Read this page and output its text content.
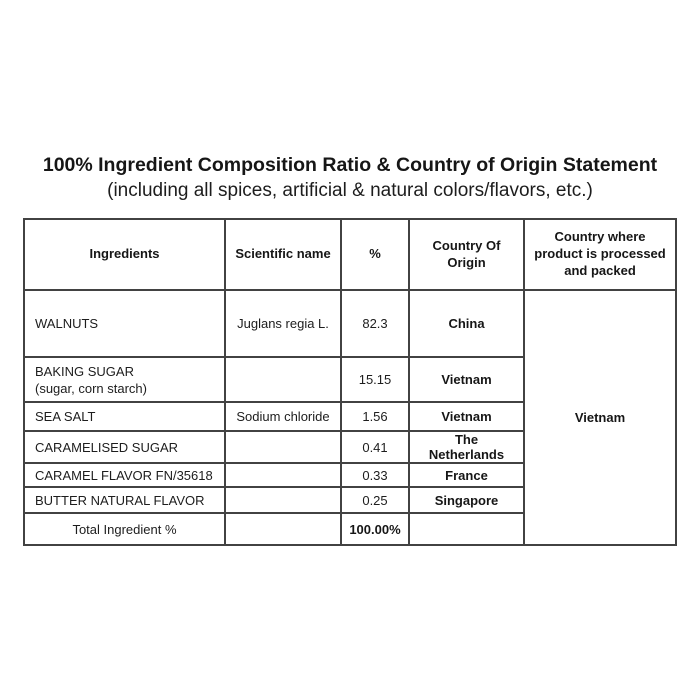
100% Ingredient Composition Ratio & Country of Origin Statement
(including all spices, artificial & natural colors/flavors, etc.)
Ingredients	Scientific name	%	Country Of Origin	Country where product is processed and packed

WALNUTS	Juglans regia L.	82.3	China	Vietnam

BAKING SUGAR
(sugar, corn starch)		15.15	Vietnam	

SEA SALT	Sodium chloride	1.56	Vietnam	

CARAMELISED SUGAR		0.41	The Netherlands	

CARAMEL FLAVOR FN/35618		0.33	France	

BUTTER NATURAL FLAVOR		0.25	Singapore	
Total Ingredient %		100.00%		
